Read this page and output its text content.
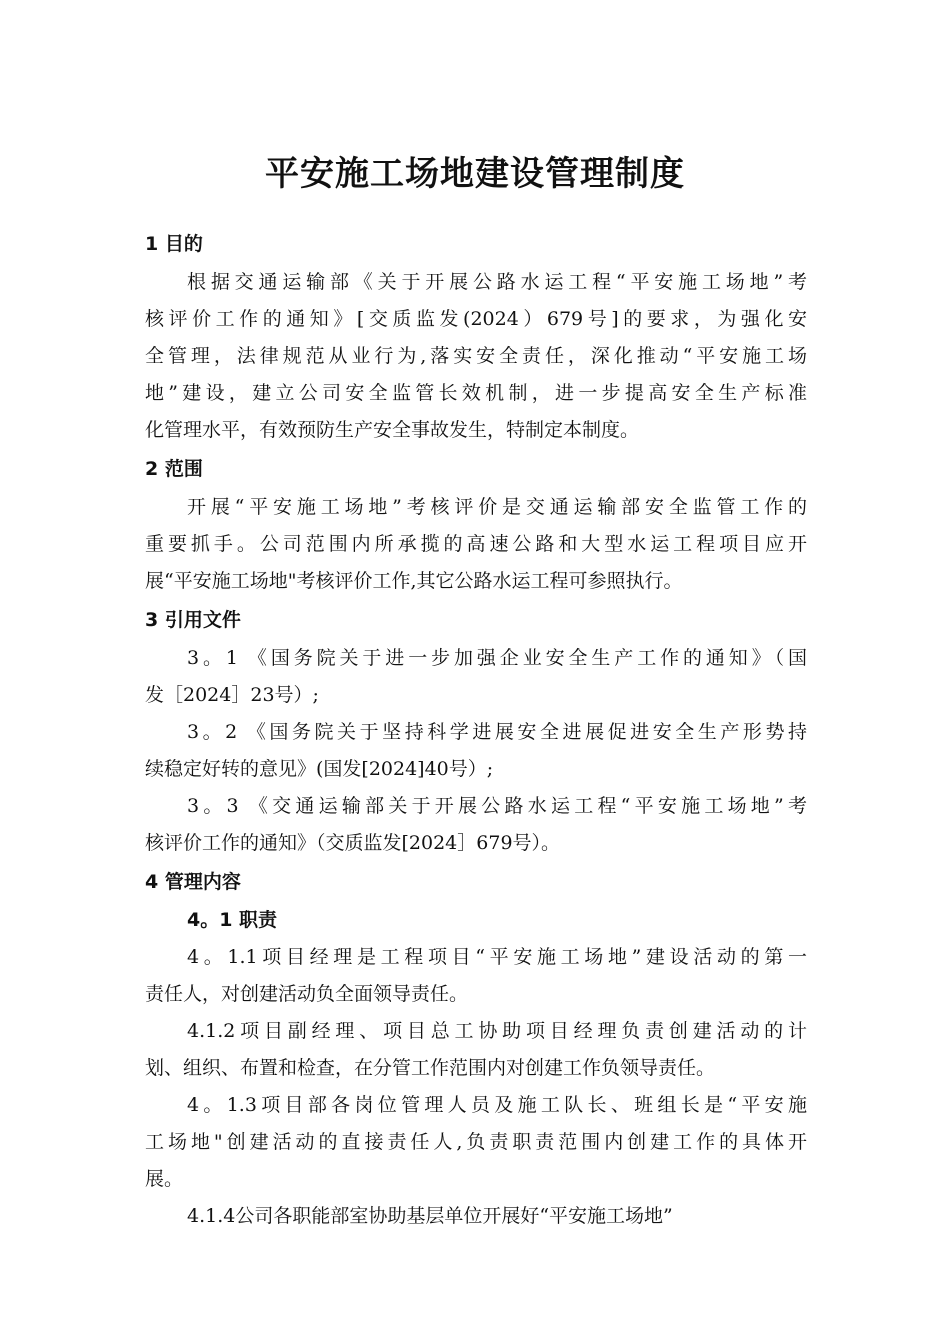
平安施工场地建设管理制度
1 目的
根据交通运输部《关于开展公路水运工程“平安施工场地”考
核评价工作的通知》[交质监发(2024）679号]的要求，为强化安
全管理，法律规范从业行为,落实安全责任，深化推动“平安施工场
地”建设，建立公司安全监管长效机制，进一步提高安全生产标准
化管理水平，有效预防生产安全事故发生，特制定本制度。
2 范围
开展“平安施工场地”考核评价是交通运输部安全监管工作的
重要抓手。公司范围内所承揽的高速公路和大型水运工程项目应开
展“平安施工场地"考核评价工作,其它公路水运工程可参照执行。
3 引用文件
3。1 《国务院关于进一步加强企业安全生产工作的通知》（国
发［2024］23号）;
3。2 《国务院关于坚持科学进展安全进展促进安全生产形势持
续稳定好转的意见》(国发[2024]40号）;
3。3 《交通运输部关于开展公路水运工程“平安施工场地”考
核评价工作的通知》（交质监发[2024］679号）。
4 管理内容
4。1 职责
4。1.1项目经理是工程项目“平安施工场地”建设活动的第一
责任人，对创建活动负全面领导责任。
4.1.2项目副经理、项目总工协助项目经理负责创建活动的计
划、组织、布置和检查，在分管工作范围内对创建工作负领导责任。
4。1.3项目部各岗位管理人员及施工队长、班组长是“平安施
工场地"创建活动的直接责任人,负责职责范围内创建工作的具体开
展。
4.1.4公司各职能部室协助基层单位开展好“平安施工场地”
